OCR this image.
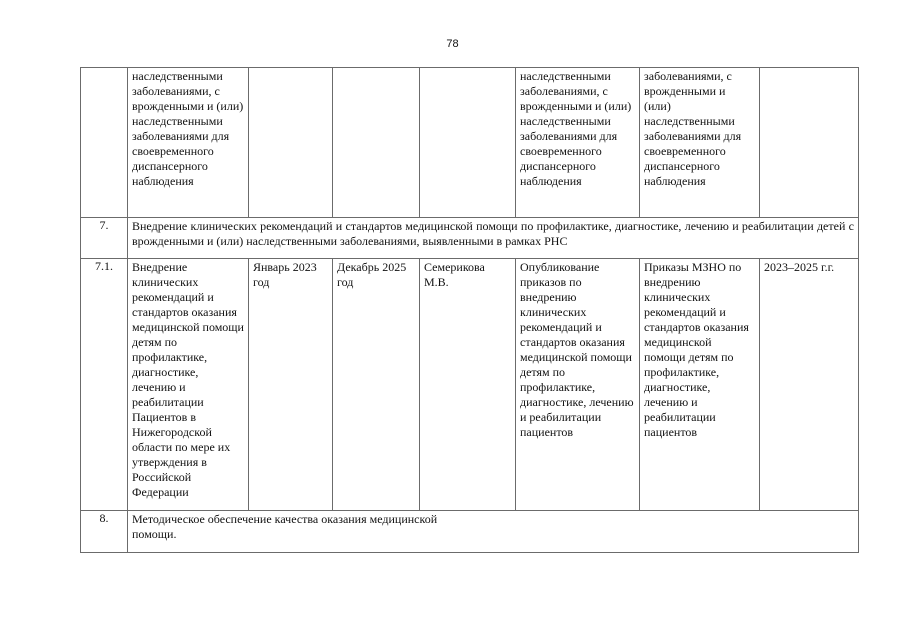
78
	наследственными заболеваниями, с врожденными и (или) наследственными заболеваниями для своевременного диспансерного наблюдения				наследственными заболеваниями, с врожденными и (или) наследственными заболеваниями для своевременного диспансерного наблюдения	заболеваниями, с врожденными и (или) наследственными заболеваниями для своевременного диспансерного наблюдения	
7.	Внедрение клинических рекомендаций и стандартов медицинской помощи по профилактике, диагностике, лечению и реабилитации детей с врожденными и (или) наследственными заболеваниями, выявленными в рамках РНС						
7.1.	Внедрение клинических рекомендаций и стандартов оказания медицинской помощи детям по профилактике, диагностике, лечению и реабилитации Пациентов в Нижегородской области по мере их утверждения в Российской Федерации	Январь 2023 год	Декабрь 2025 год	Семерикова М.В.	Опубликование приказов по внедрению клинических рекомендаций и стандартов оказания медицинской помощи детям по профилактике, диагностике, лечению и реабилитации пациентов	Приказы МЗНО по внедрению клинических рекомендаций и стандартов оказания медицинской помощи детям по профилактике, диагностике, лечению и реабилитации пациентов	2023–2025 г.г.
8.	Методическое обеспечение качества оказания медицинской помощи.						
